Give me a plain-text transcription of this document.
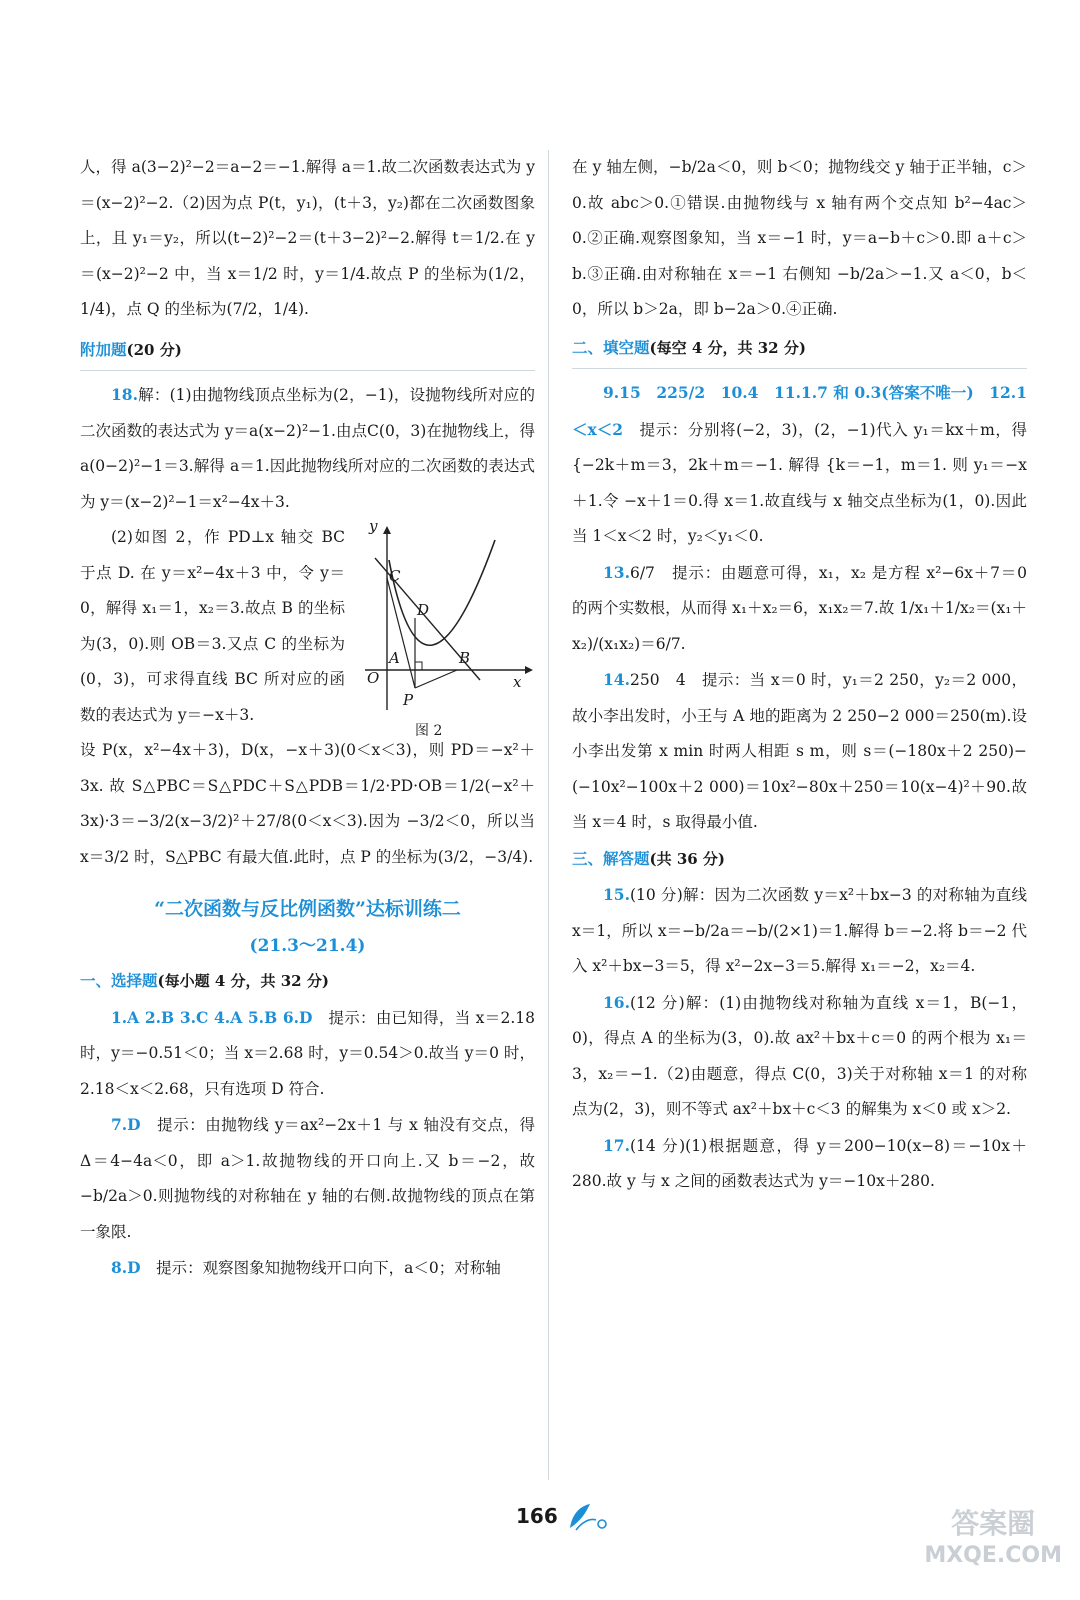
人，得 a(3−2)²−2＝a−2＝−1.解得 a＝1.故二次函数表达式为 y＝(x−2)²−2.（2)因为点 P(t，y₁)，(t＋3，y₂)都在二次函数图象上，且 y₁＝y₂，所以(t−2)²−2＝(t＋3−2)²−2.解得 t＝1/2.在 y＝(x−2)²−2 中，当 x＝1/2 时，y＝1/4.故点 P 的坐标为(1/2，1/4)，点 Q 的坐标为(7/2，1/4).

附加题(20 分)

18.解：(1)由抛物线顶点坐标为(2，−1)，设抛物线所对应的二次函数的表达式为 y＝a(x−2)²−1.由点C(0，3)在抛物线上，得 a(0−2)²−1＝3.解得 a＝1.因此抛物线所对应的二次函数的表达式为 y＝(x−2)²−1＝x²−4x＋3.

y
x
O
A	B
C
D
P
图 2

(2)如图 2，作 PD⊥x 轴交 BC 于点 D. 在 y＝x²−4x＋3 中，令 y＝0，解得 x₁＝1，x₂＝3.故点 B 的坐标为(3，0).则 OB＝3.又点 C 的坐标为(0，3)，可求得直线 BC 所对应的函数的表达式为 y＝−x＋3.

设 P(x，x²−4x＋3)，D(x，−x＋3)(0＜x＜3)，则 PD＝−x²＋3x. 故 S△PBC＝S△PDC＋S△PDB＝1/2·PD·OB＝1/2(−x²＋3x)·3＝−3/2(x−3/2)²＋27/8(0＜x＜3).因为 −3/2＜0，所以当 x＝3/2 时，S△PBC 有最大值.此时，点 P 的坐标为(3/2，−3/4).

“二次函数与反比例函数”达标训练二
(21.3～21.4)
一、选择题(每小题 4 分，共 32 分)

1.A 2.B 3.C 4.A 5.B 6.D　 提示：由已知得，当 x＝2.18 时，y＝−0.51＜0；当 x＝2.68 时，y＝0.54＞0.故当 y＝0 时，2.18＜x＜2.68，只有选项 D 符合.

7.D　 提示：由抛物线 y＝ax²−2x＋1 与 x 轴没有交点，得 Δ＝4−4a＜0，即 a＞1.故抛物线的开口向上.又 b＝−2，故 −b/2a＞0.则抛物线的对称轴在 y 轴的右侧.故抛物线的顶点在第一象限.

8.D　 提示：观察图象知抛物线开口向下，a＜0；对称轴

在 y 轴左侧，−b/2a＜0，则 b＜0；抛物线交 y 轴于正半轴，c＞0.故 abc＞0.①错误.由抛物线与 x 轴有两个交点知 b²−4ac＞0.②正确.观察图象知，当 x＝−1 时，y＝a−b＋c＞0.即 a＋c＞b.③正确.由对称轴在 x＝−1 右侧知 −b/2a＞−1.又 a＜0，b＜0，所以 b＞2a，即 b−2a＞0.④正确.

二、填空题(每空 4 分，共 32 分)

9.15　225/2　10.4　11.1.7 和 0.3(答案不唯一)　12.1＜x＜2　 提示：分别将(−2，3)，(2，−1)代入 y₁＝kx＋m，得 {−2k＋m＝3，2k＋m＝−1. 解得 {k＝−1，m＝1. 则 y₁＝−x＋1.令 −x＋1＝0.得 x＝1.故直线与 x 轴交点坐标为(1，0).因此当 1＜x＜2 时，y₂＜y₁＜0.

13.6/7　 提示：由题意可得，x₁，x₂ 是方程 x²−6x＋7＝0 的两个实数根，从而得 x₁＋x₂＝6，x₁x₂＝7.故 1/x₁＋1/x₂＝(x₁＋x₂)/(x₁x₂)＝6/7.

14.250　4　 提示：当 x＝0 时，y₁＝2 250，y₂＝2 000，故小李出发时，小王与 A 地的距离为 2 250−2 000＝250(m).设小李出发第 x min 时两人相距 s m，则 s＝(−180x＋2 250)−(−10x²−100x＋2 000)＝10x²−80x＋250＝10(x−4)²＋90.故当 x＝4 时，s 取得最小值.

三、解答题(共 36 分)

15.(10 分)解：因为二次函数 y＝x²＋bx−3 的对称轴为直线 x＝1，所以 x＝−b/2a＝−b/(2×1)＝1.解得 b＝−2.将 b＝−2 代入 x²＋bx−3＝5，得 x²−2x−3＝5.解得 x₁＝−2，x₂＝4.

16.(12 分)解：(1)由抛物线对称轴为直线 x＝1，B(−1，0)，得点 A 的坐标为(3，0).故 ax²＋bx＋c＝0 的两个根为 x₁＝3，x₂＝−1.（2)由题意，得点 C(0，3)关于对称轴 x＝1 的对称点为(2，3)，则不等式 ax²＋bx＋c＜3 的解集为 x＜0 或 x＞2.

17.(14 分)(1)根据题意，得 y＝200−10(x−8)＝−10x＋280.故 y 与 x 之间的函数表达式为 y＝−10x＋280.

166	答案圈
MXQE.COM
